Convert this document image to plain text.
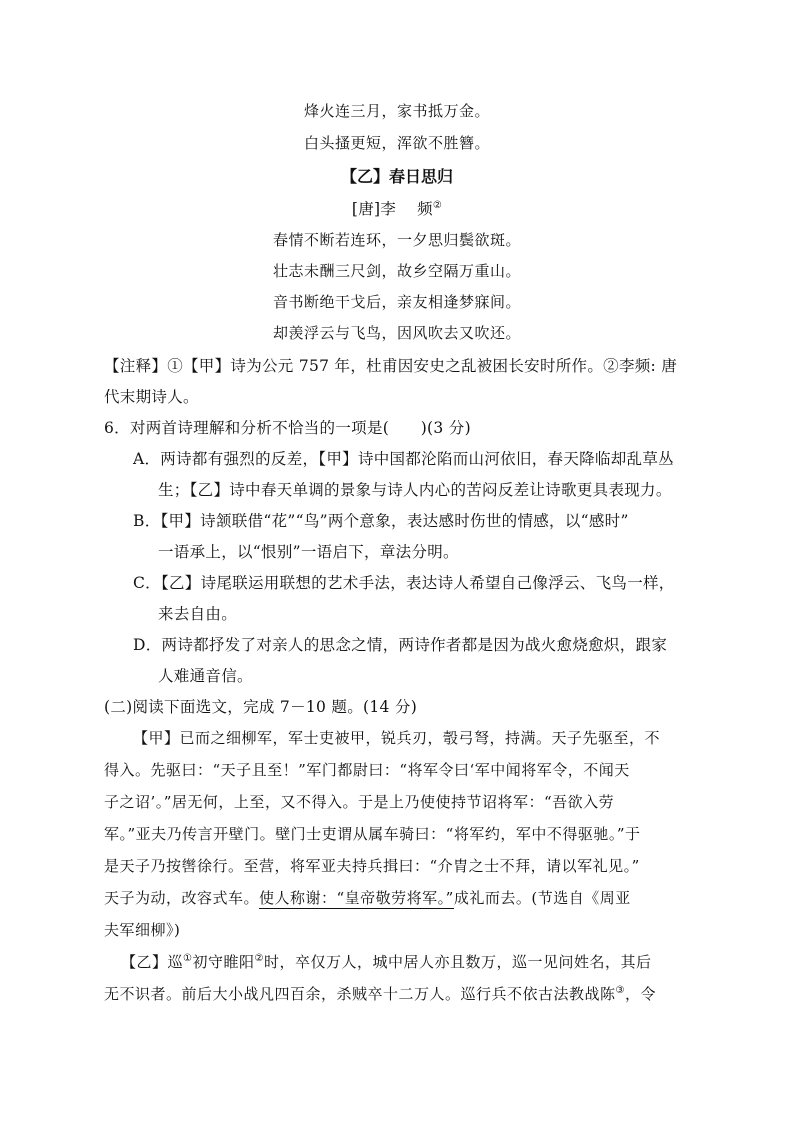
烽火连三月，家书抵万金。
白头搔更短，浑欲不胜簪。
【乙】春日思归
[唐]李 频②
春情不断若连环，一夕思归鬓欲斑。
壮志未酬三尺剑，故乡空隔万重山。
音书断绝干戈后，亲友相逢梦寐间。
却羡浮云与飞鸟，因风吹去又吹还。
【注释】①【甲】诗为公元 757 年，杜甫因安史之乱被困长安时所作。②李频: 唐
代末期诗人。
6．对两首诗理解和分析不恰当的一项是(　　)(3 分)
A．两诗都有强烈的反差，【甲】诗中国都沦陷而山河依旧，春天降临却乱草丛
生；【乙】诗中春天单调的景象与诗人内心的苦闷反差让诗歌更具表现力。
B．【甲】诗颔联借“花”“鸟”两个意象，表达感时伤世的情感，以“感时”
一语承上，以“恨别”一语启下，章法分明。
C．【乙】诗尾联运用联想的艺术手法，表达诗人希望自己像浮云、飞鸟一样，
来去自由。
D．两诗都抒发了对亲人的思念之情，两诗作者都是因为战火愈烧愈炽，跟家
人难通音信。
(二)阅读下面选文，完成 7－10 题。(14 分)
【甲】已而之细柳军，军士吏被甲，锐兵刃，彀弓弩，持满。天子先驱至，不
得入。先驱曰：“天子且至！”军门都尉曰：“将军令曰‘军中闻将军令，不闻天
子之诏’。”居无何，上至，又不得入。于是上乃使使持节诏将军：“吾欲入劳
军。”亚夫乃传言开壁门。壁门士吏谓从属车骑曰：“将军约，军中不得驱驰。”于
是天子乃按辔徐行。至营，将军亚夫持兵揖曰：“介胄之士不拜，请以军礼见。”
天子为动，改容式车。使人称谢：“皇帝敬劳将军。”成礼而去。(节选自《周亚
夫军细柳》)
【乙】巡①初守睢阳②时，卒仅万人，城中居人亦且数万，巡一见问姓名，其后
无不识者。前后大小战凡四百余，杀贼卒十二万人。巡行兵不依古法教战陈③，令
